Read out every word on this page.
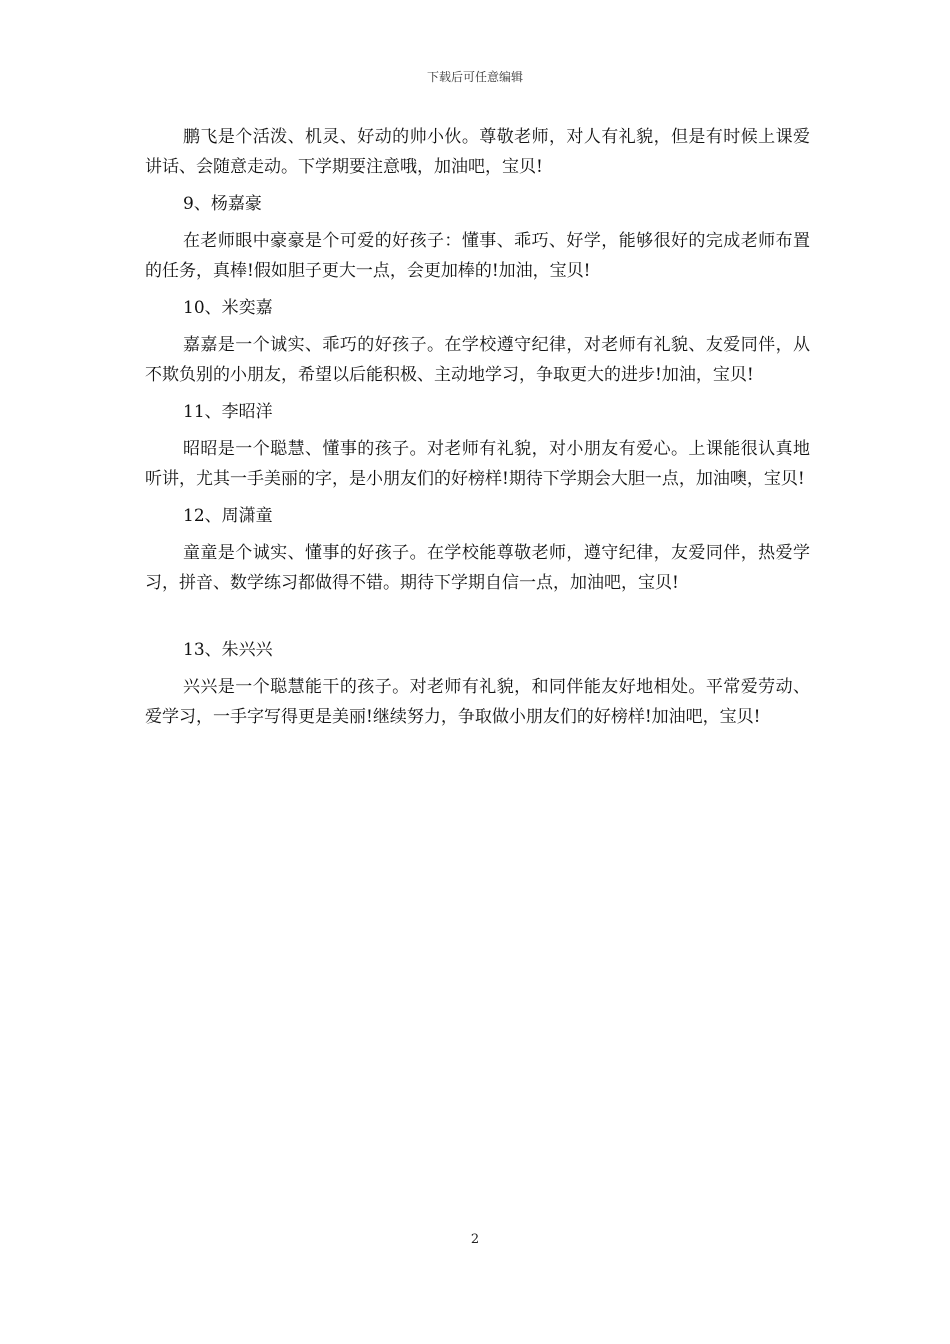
下载后可任意编辑

鹏飞是个活泼、机灵、好动的帅小伙。尊敬老师，对人有礼貌，但是有时候上课爱讲话、会随意走动。下学期要注意哦，加油吧，宝贝!

9、杨嘉豪

在老师眼中豪豪是个可爱的好孩子：懂事、乖巧、好学，能够很好的完成老师布置的任务，真棒!假如胆子更大一点，会更加棒的!加油，宝贝!

10、米奕嘉

嘉嘉是一个诚实、乖巧的好孩子。在学校遵守纪律，对老师有礼貌、友爱同伴，从不欺负别的小朋友，希望以后能积极、主动地学习，争取更大的进步!加油，宝贝!

11、李昭洋

昭昭是一个聪慧、懂事的孩子。对老师有礼貌，对小朋友有爱心。上课能很认真地听讲，尤其一手美丽的字，是小朋友们的好榜样!期待下学期会大胆一点，加油噢，宝贝!

12、周潇童

童童是个诚实、懂事的好孩子。在学校能尊敬老师，遵守纪律，友爱同伴，热爱学习，拼音、数学练习都做得不错。期待下学期自信一点，加油吧，宝贝!

13、朱兴兴

兴兴是一个聪慧能干的孩子。对老师有礼貌，和同伴能友好地相处。平常爱劳动、爱学习，一手字写得更是美丽!继续努力，争取做小朋友们的好榜样!加油吧，宝贝!

2
